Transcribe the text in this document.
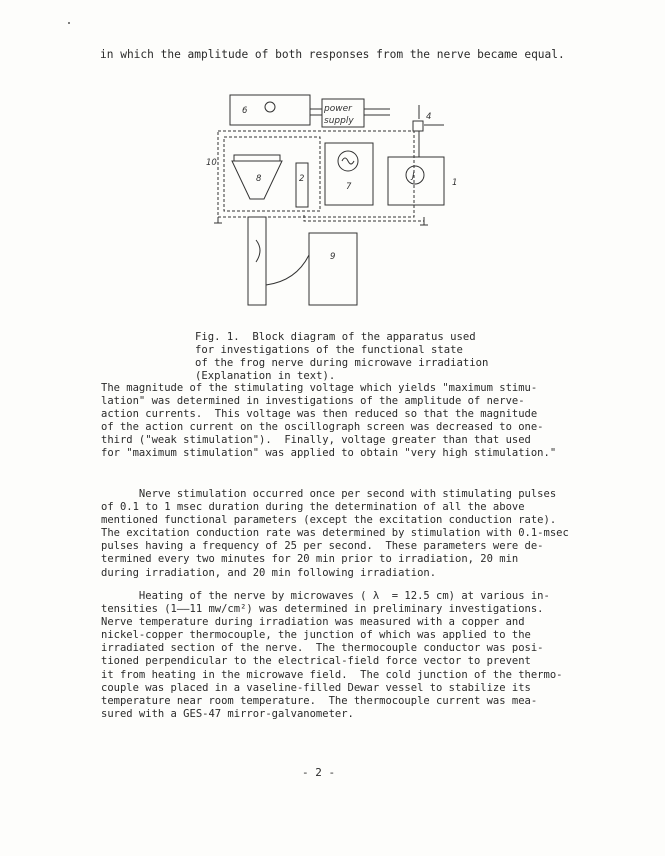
in which the amplitude of both responses from the nerve became equal.
6
7
8	2
9
J
1
4
10
power
supply
Fig. 1.  Block diagram of the apparatus used
for investigations of the functional state
of the frog nerve during microwave irradiation
(Explanation in text).
The magnitude of the stimulating voltage which yields "maximum stimu-
lation" was determined in investigations of the amplitude of nerve-
action currents.  This voltage was then reduced so that the magnitude
of the action current on the oscillograph screen was decreased to one-
third ("weak stimulation").  Finally, voltage greater than that used
for "maximum stimulation" was applied to obtain "very high stimulation."
Nerve stimulation occurred once per second with stimulating pulses
of 0.1 to 1 msec duration during the determination of all the above
mentioned functional parameters (except the excitation conduction rate).
The excitation conduction rate was determined by stimulation with 0.1-msec
pulses having a frequency of 25 per second.  These parameters were de-
termined every two minutes for 20 min prior to irradiation, 20 min
during irradiation, and 20 min following irradiation.
Heating of the nerve by microwaves ( λ  = 12.5 cm) at various in-
tensities (1––11 mw/cm²) was determined in preliminary investigations.
Nerve temperature during irradiation was measured with a copper and
nickel-copper thermocouple, the junction of which was applied to the
irradiated section of the nerve.  The thermocouple conductor was posi-
tioned perpendicular to the electrical-field force vector to prevent
it from heating in the microwave field.  The cold junction of the thermo-
couple was placed in a vaseline-filled Dewar vessel to stabilize its
temperature near room temperature.  The thermocouple current was mea-
sured with a GES-47 mirror-galvanometer.
- 2 -
